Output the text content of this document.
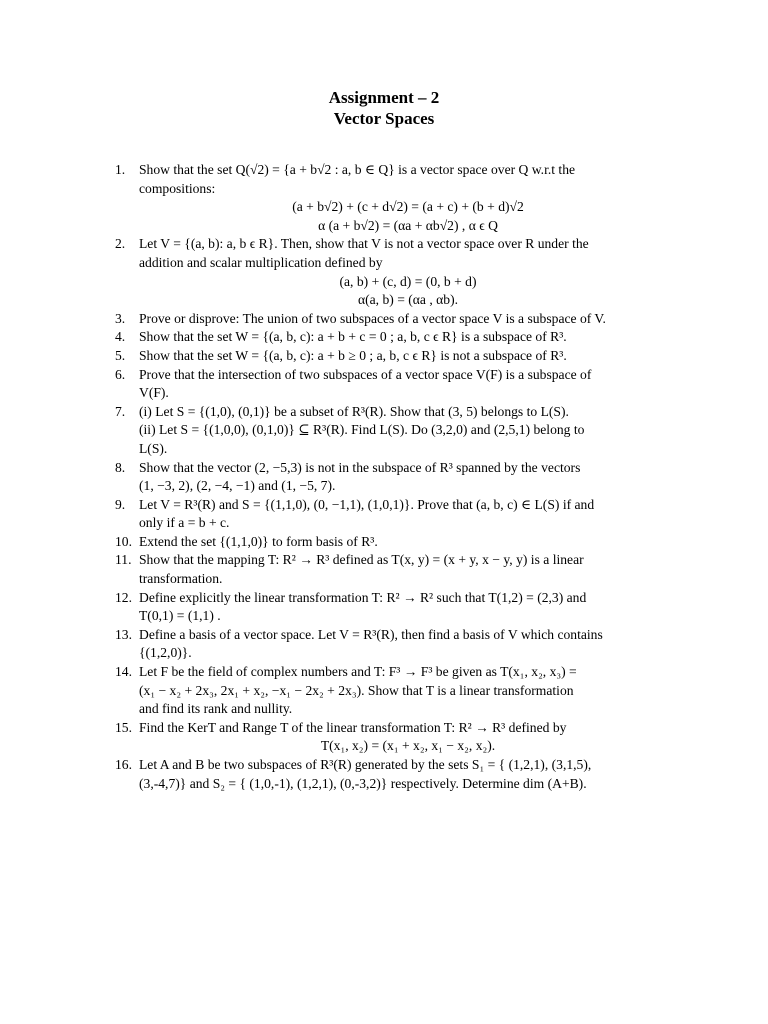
Assignment – 2
Vector Spaces
1.	Show that the set Q(√2) = {a + b√2 : a, b ∈ Q} is a vector space over Q w.r.t the
compositions:
(a + b√2) + (c + d√2) = (a + c) + (b + d)√2
α (a + b√2) = (αa + αb√2) , α ϵ Q
2.	Let V = {(a, b): a, b ϵ R}. Then, show that V is not a vector space over R under the
addition and scalar multiplication defined by
(a, b) + (c, d) = (0, b + d)
α(a, b) = (αa , αb).
3.	Prove or disprove: The union of two subspaces of a vector space V is a subspace of V.
4.	Show that the set W = {(a, b, c): a + b + c = 0 ; a, b, c ϵ R} is a subspace of R³.
5.	Show that the set W = {(a, b, c): a + b ≥ 0 ; a, b, c ϵ R} is not a subspace of R³.
6.	Prove that the intersection of two subspaces of a vector space V(F) is a subspace of
V(F).
7.	(i) Let S = {(1,0), (0,1)} be a subset of R³(R). Show that (3, 5) belongs to L(S).
(ii) Let S = {(1,0,0), (0,1,0)} ⊆ R³(R). Find L(S). Do (3,2,0) and (2,5,1) belong to
L(S).
8.	Show that the vector (2, −5,3) is not in the subspace of R³ spanned by the vectors
(1, −3, 2), (2, −4, −1) and (1, −5, 7).
9.	Let V = R³(R) and S = {(1,1,0), (0, −1,1), (1,0,1)}. Prove that (a, b, c) ∈ L(S) if and
only if a = b + c.
10. Extend the set {(1,1,0)} to form basis of R³.
11. Show that the mapping T: R² → R³ defined as T(x, y) = (x + y, x − y, y) is a linear
transformation.
12. Define explicitly the linear transformation T: R² → R² such that T(1,2) = (2,3) and
T(0,1) = (1,1) .
13. Define a basis of a vector space. Let V = R³(R), then find a basis of V which contains
{(1,2,0)}.
14. Let F be the field of complex numbers and T: F³ → F³ be given as T(x₁, x₂, x₃) =
(x₁ − x₂ + 2x₃, 2x₁ + x₂, −x₁ − 2x₂ + 2x₃). Show that T is a linear transformation
and find its rank and nullity.
15. Find the KerT and Range T of the linear transformation T: R² → R³ defined by
T(x₁, x₂) = (x₁ + x₂, x₁ − x₂, x₂).
16. Let A and B be two subspaces of R³(R) generated by the sets S₁ = { (1,2,1), (3,1,5),
(3,-4,7)} and S₂ = { (1,0,-1), (1,2,1), (0,-3,2)} respectively. Determine dim (A+B).
